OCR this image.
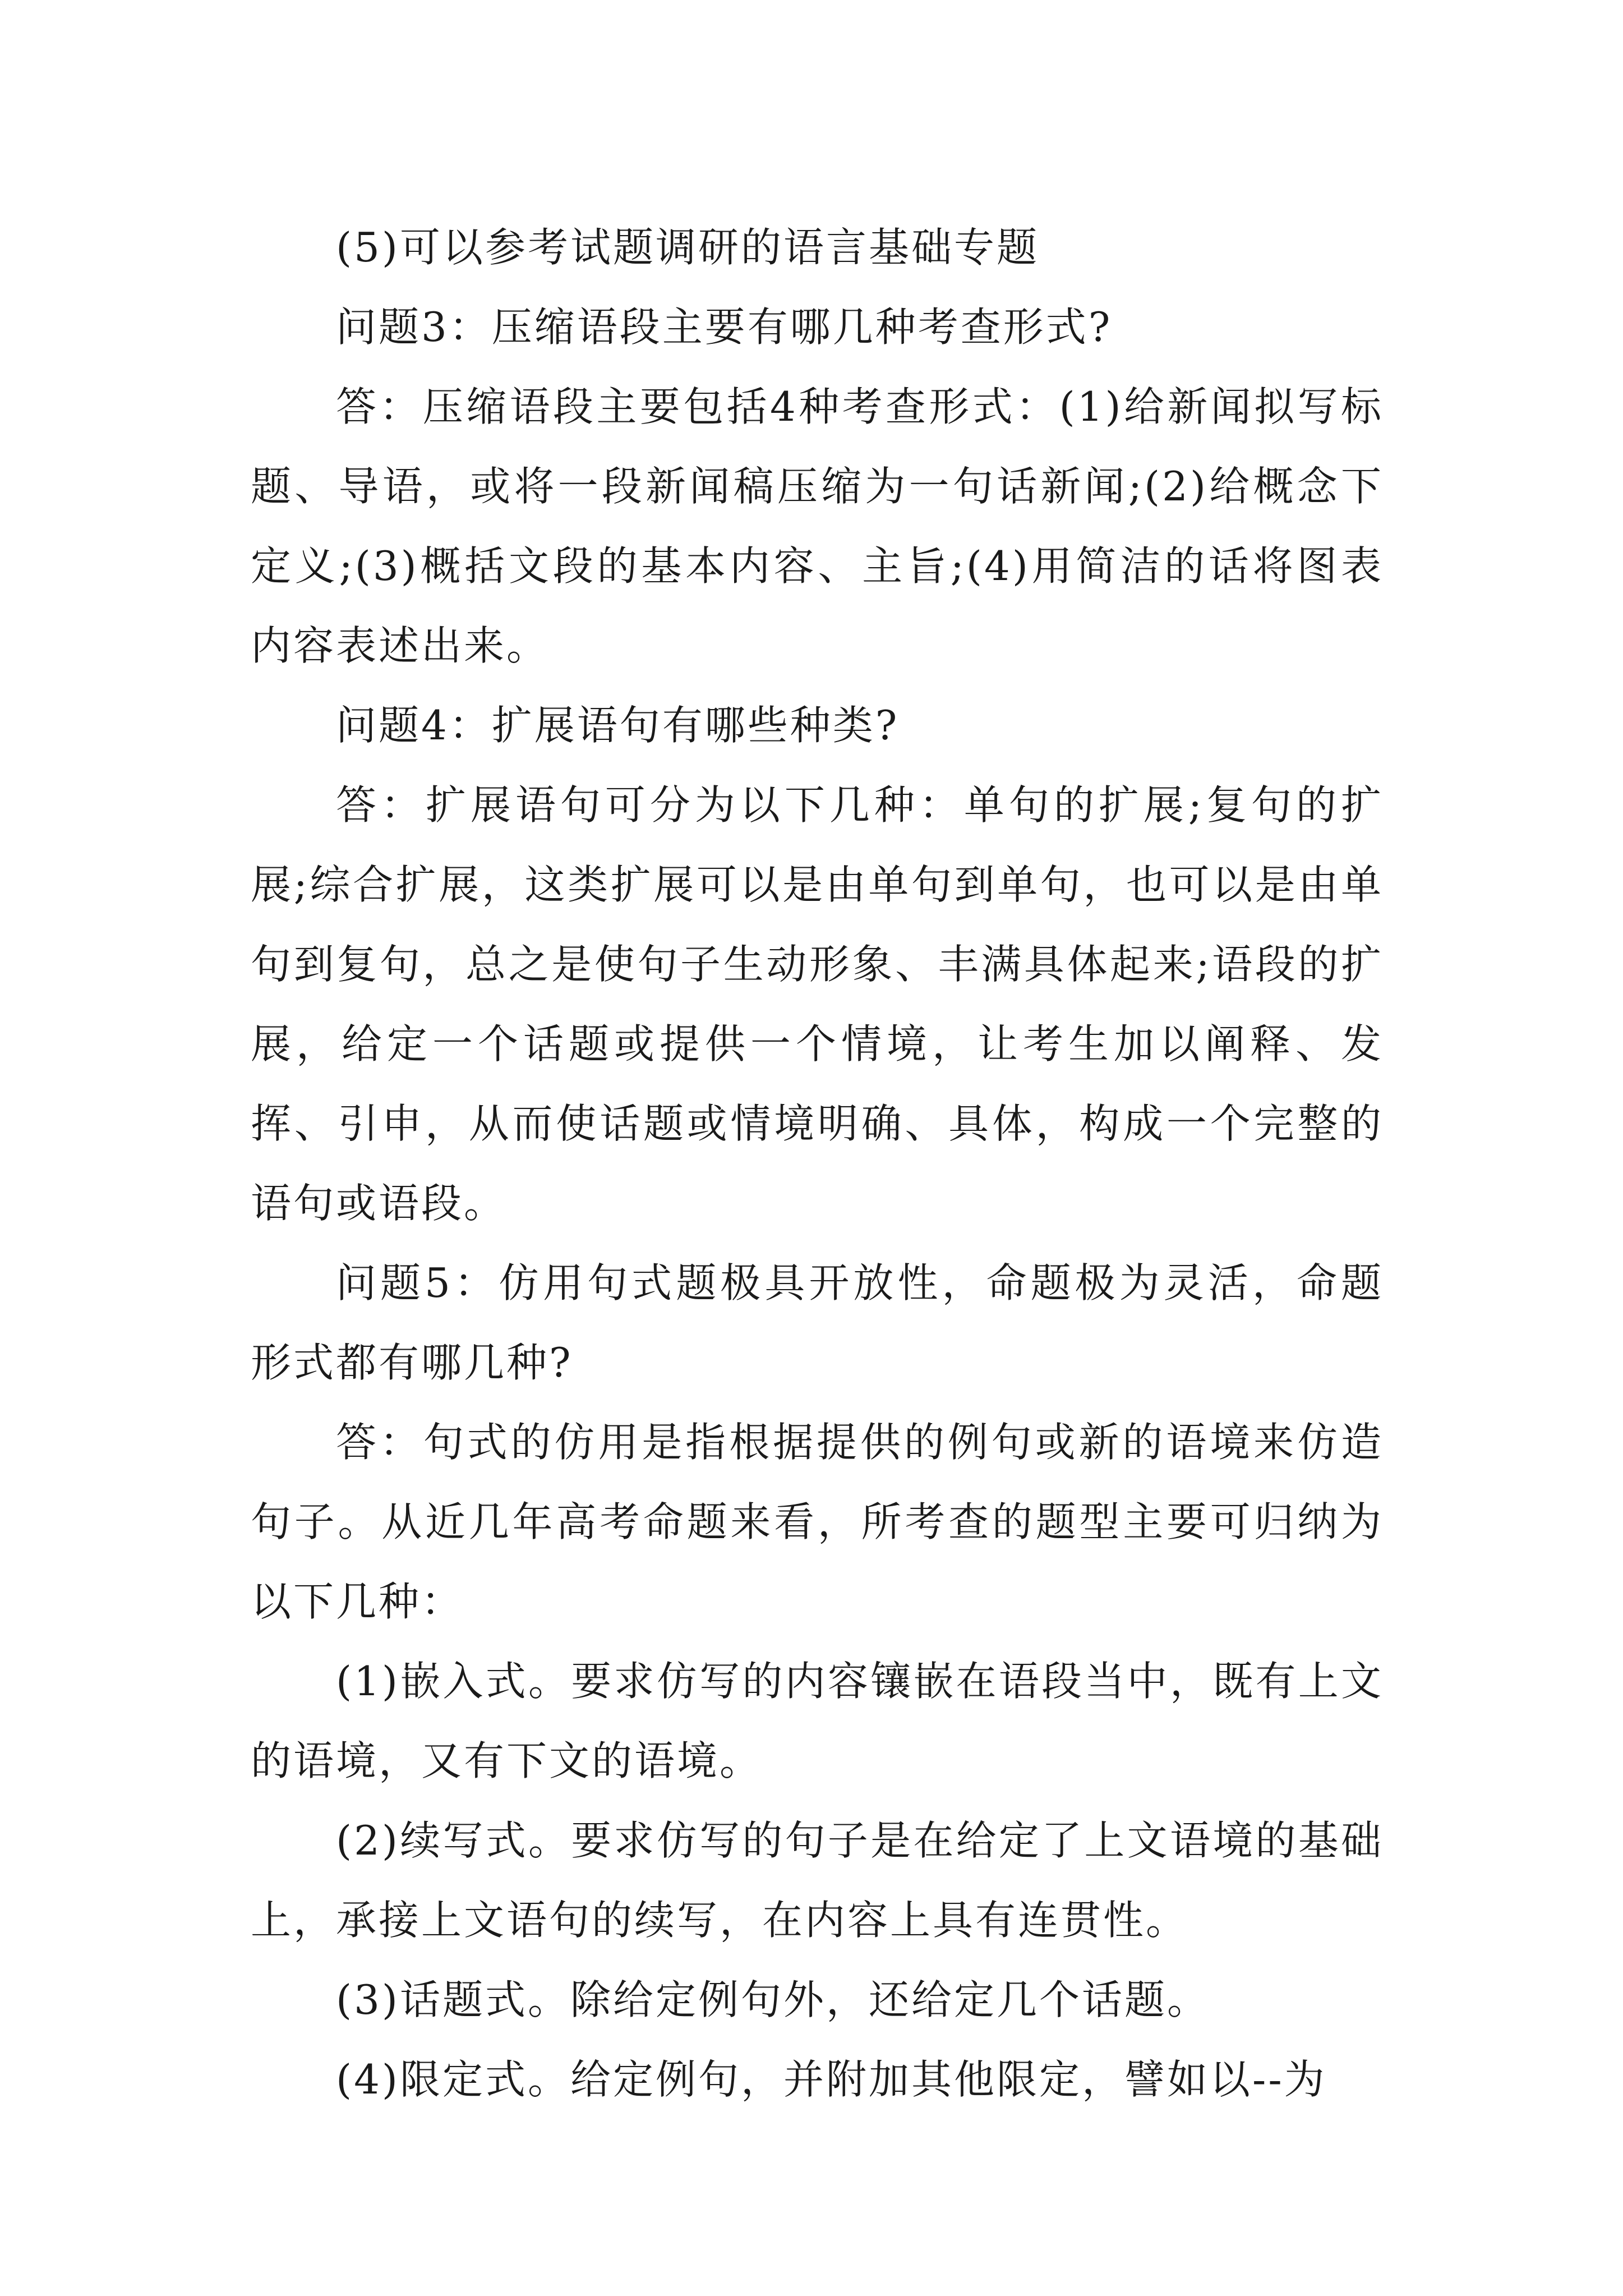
(5)可以参考试题调研的语言基础专题

问题3：压缩语段主要有哪几种考查形式?

答：压缩语段主要包括4种考查形式：(1)给新闻拟写标题、导语，或将一段新闻稿压缩为一句话新闻;(2)给概念下定义;(3)概括文段的基本内容、主旨;(4)用简洁的话将图表内容表述出来。

问题4：扩展语句有哪些种类?

答：扩展语句可分为以下几种：单句的扩展;复句的扩展;综合扩展，这类扩展可以是由单句到单句，也可以是由单句到复句，总之是使句子生动形象、丰满具体起来;语段的扩展，给定一个话题或提供一个情境，让考生加以阐释、发挥、引申，从而使话题或情境明确、具体，构成一个完整的语句或语段。

问题5：仿用句式题极具开放性，命题极为灵活，命题形式都有哪几种?

答：句式的仿用是指根据提供的例句或新的语境来仿造句子。从近几年高考命题来看，所考查的题型主要可归纳为以下几种：

(1)嵌入式。要求仿写的内容镶嵌在语段当中，既有上文的语境，又有下文的语境。

(2)续写式。要求仿写的句子是在给定了上文语境的基础上，承接上文语句的续写，在内容上具有连贯性。

(3)话题式。除给定例句外，还给定几个话题。

(4)限定式。给定例句，并附加其他限定，譬如以--为
